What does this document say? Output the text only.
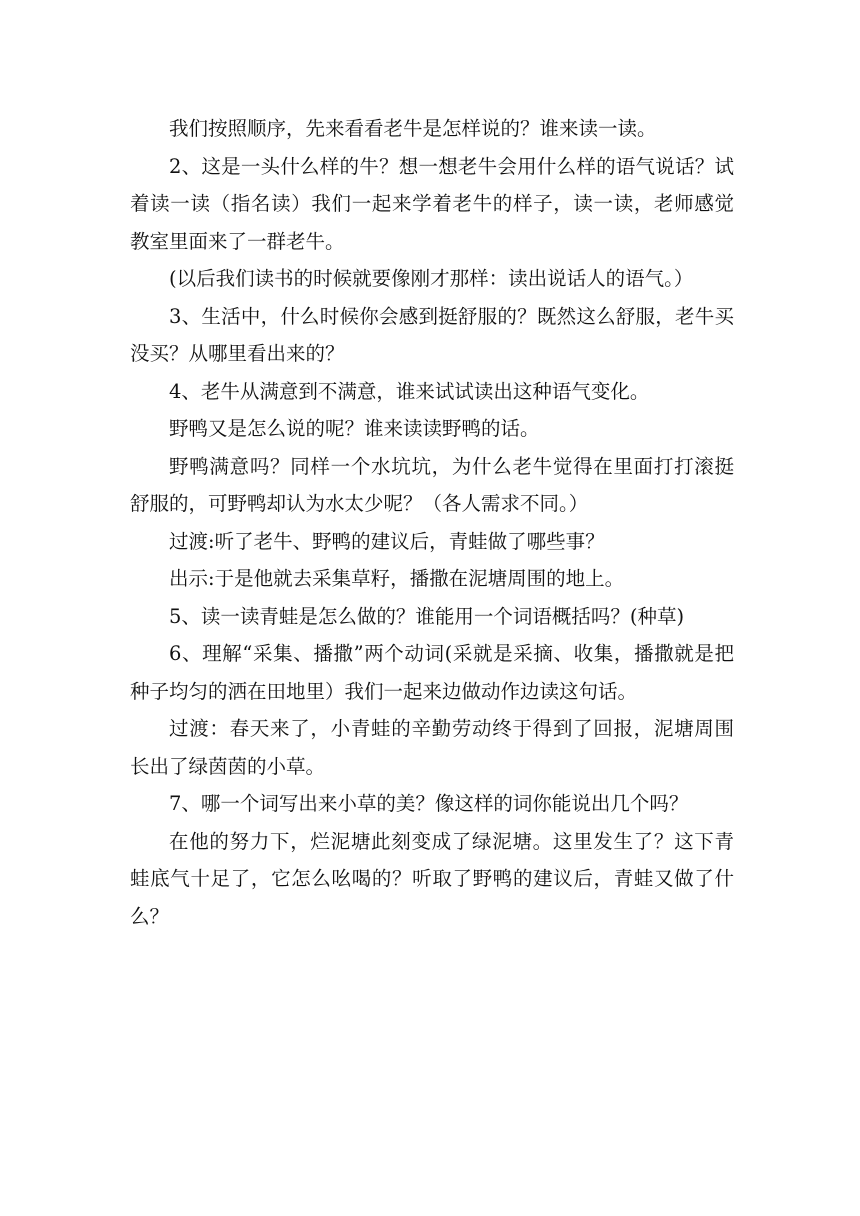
我们按照顺序，先来看看老牛是怎样说的？谁来读一读。

2、这是一头什么样的牛？想一想老牛会用什么样的语气说话？试着读一读（指名读）我们一起来学着老牛的样子，读一读，老师感觉教室里面来了一群老牛。

(以后我们读书的时候就要像刚才那样：读出说话人的语气。）

3、生活中，什么时候你会感到挺舒服的？既然这么舒服，老牛买没买？从哪里看出来的？

4、老牛从满意到不满意，谁来试试读出这种语气变化。

野鸭又是怎么说的呢？谁来读读野鸭的话。

野鸭满意吗？同样一个水坑坑，为什么老牛觉得在里面打打滚挺舒服的，可野鸭却认为水太少呢？（各人需求不同。）

过渡:听了老牛、野鸭的建议后，青蛙做了哪些事？

出示:于是他就去采集草籽，播撒在泥塘周围的地上。

5、读一读青蛙是怎么做的？谁能用一个词语概括吗？(种草)

6、理解“采集、播撒”两个动词(采就是采摘、收集，播撒就是把种子均匀的洒在田地里）我们一起来边做动作边读这句话。

过渡：春天来了，小青蛙的辛勤劳动终于得到了回报，泥塘周围长出了绿茵茵的小草。

7、哪一个词写出来小草的美？像这样的词你能说出几个吗？

在他的努力下，烂泥塘此刻变成了绿泥塘。这里发生了？这下青蛙底气十足了，它怎么吆喝的？听取了野鸭的建议后，青蛙又做了什么？
